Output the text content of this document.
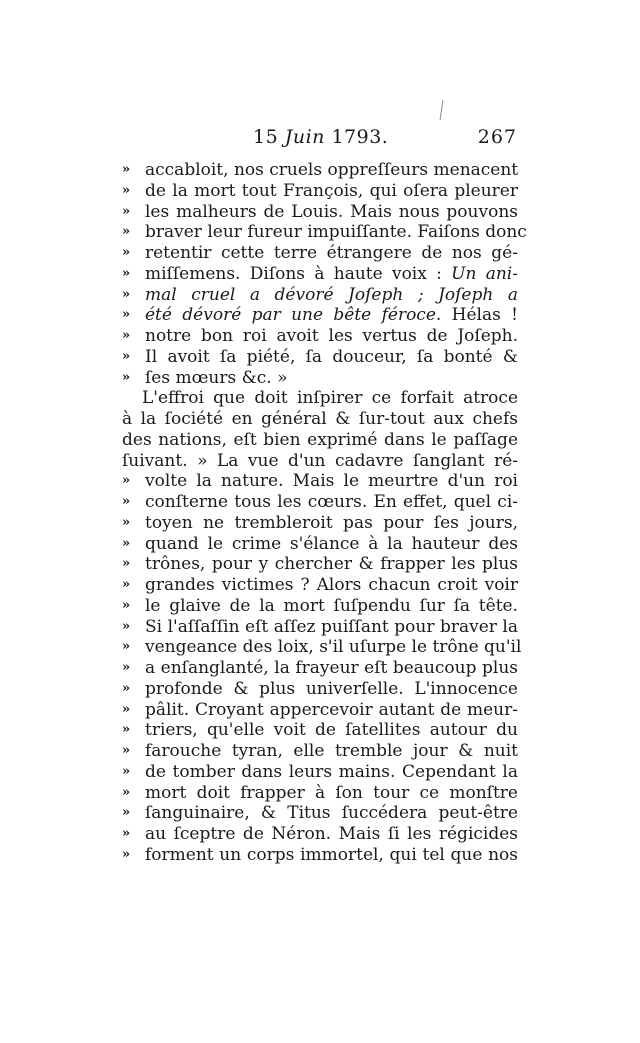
15 Juin 1793.	267
» accabloit, nos cruels oppreſſeurs menacent
» de la mort tout François, qui oſera pleurer
» les malheurs de Louis. Mais nous pouvons
» braver leur fureur impuiſſante. Faiſons donc
» retentir cette terre étrangere de nos gé-
» miſſemens. Diſons à haute voix : Un ani-
» mal cruel a dévoré Joſeph ; Joſeph a
» été dévoré par une bête féroce. Hélas !
» notre bon roi avoit les vertus de Joſeph.
» Il avoit ſa piété, ſa douceur, ſa bonté &
» ſes mœurs &c. »
L'effroi que doit inſpirer ce forfait atroce
à la ſociété en général & ſur-tout aux chefs
des nations, eſt bien exprimé dans le paſſage
ſuivant. » La vue d'un cadavre ſanglant ré-
» volte la nature. Mais le meurtre d'un roi
» conſterne tous les cœurs. En effet, quel ci-
» toyen ne trembleroit pas pour ſes jours,
» quand le crime s'élance à la hauteur des
» trônes, pour y chercher & frapper les plus
» grandes victimes ? Alors chacun croit voir
» le glaive de la mort ſuſpendu ſur ſa tête.
» Si l'aſſaſſin eſt aſſez puiſſant pour braver la
» vengeance des loix, s'il uſurpe le trône qu'il
» a enſanglanté, la frayeur eſt beaucoup plus
» profonde & plus univerſelle. L'innocence
» pâlit. Croyant appercevoir autant de meur-
» triers, qu'elle voit de ſatellites autour du
» farouche tyran, elle tremble jour & nuit
» de tomber dans leurs mains. Cependant la
» mort doit frapper à ſon tour ce monſtre
» ſanguinaire, & Titus ſuccédera peut-être
» au ſceptre de Néron. Mais ſi les régicides
» forment un corps immortel, qui tel que nos
